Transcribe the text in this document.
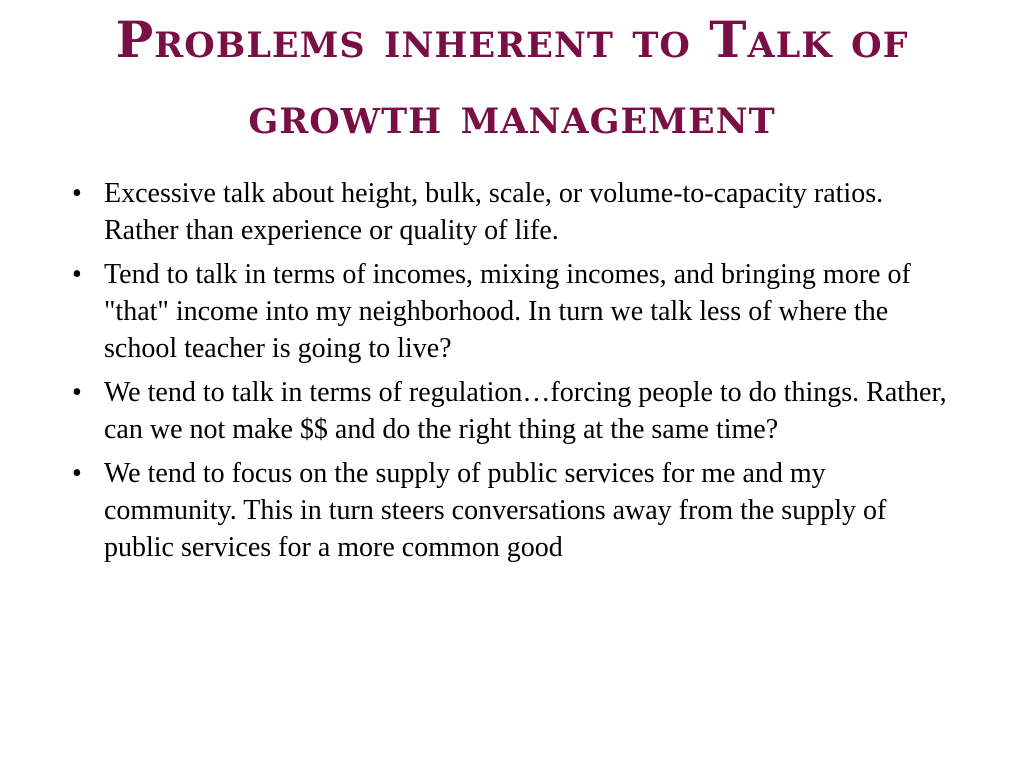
Problems inherent to Talk of growth management
• Excessive talk about height, bulk, scale, or volume-to-capacity ratios. Rather than experience or quality of life.
• Tend to talk in terms of incomes, mixing incomes, and bringing more of "that" income into my neighborhood. In turn we talk less of where the school teacher is going to live?
• We tend to talk in terms of regulation…forcing people to do things. Rather, can we not make $$ and do the right thing at the same time?
• We tend to focus on the supply of public services for me and my community. This in turn steers conversations away from the supply of public services for a more common good
